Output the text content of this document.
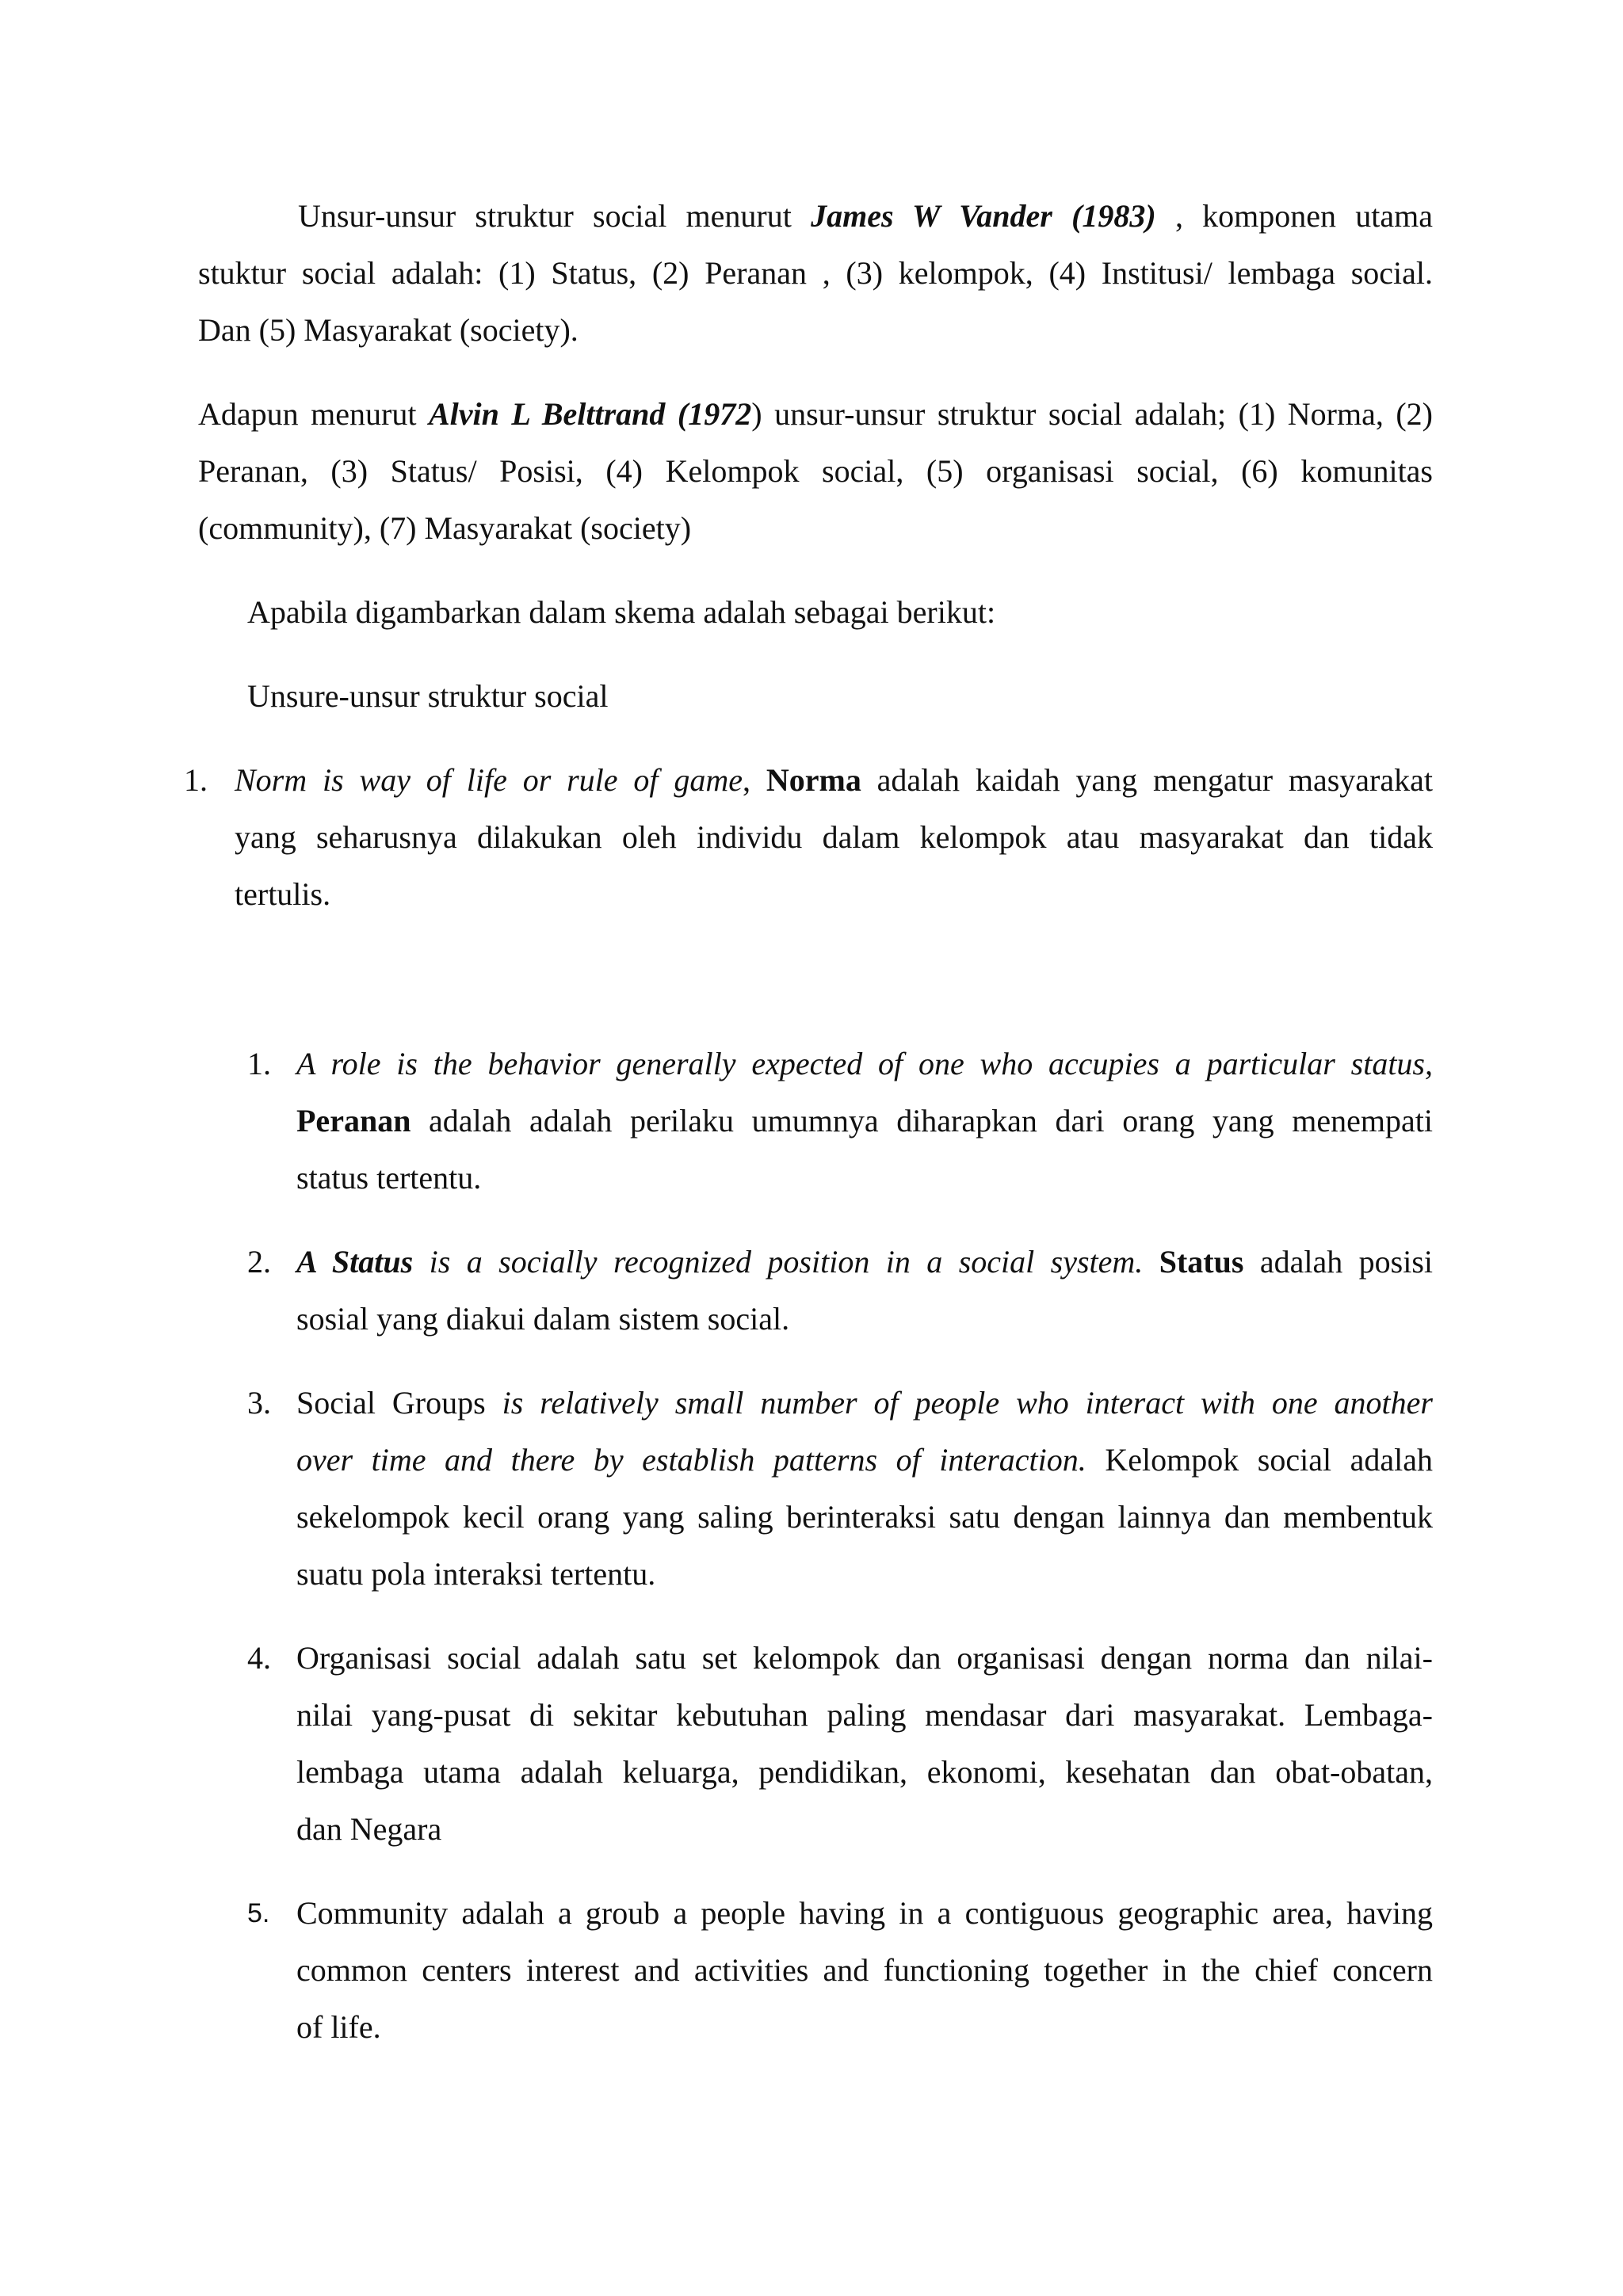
Unsur-unsur struktur social menurut James W Vander (1983) , komponen utama
stuktur social adalah: (1) Status, (2) Peranan , (3) kelompok, (4) Institusi/ lembaga social.
Dan (5) Masyarakat (society).
Adapun menurut Alvin L Belttrand (1972) unsur-unsur struktur social adalah; (1) Norma, (2)
Peranan, (3) Status/ Posisi, (4) Kelompok social, (5) organisasi social, (6) komunitas
(community), (7) Masyarakat (society)
Apabila digambarkan dalam skema adalah sebagai berikut:
Unsure-unsur struktur social
1. Norm is way of life or rule of game, Norma adalah kaidah yang mengatur masyarakat
yang seharusnya dilakukan oleh individu dalam kelompok atau masyarakat dan tidak
tertulis.
1. A role is the behavior generally expected of one who accupies a particular status,
Peranan adalah adalah perilaku umumnya diharapkan dari orang yang menempati
status tertentu.
2. A Status is a socially recognized position in a social system. Status adalah posisi
sosial yang diakui dalam sistem social.
3. Social Groups is relatively small number of people who interact with one another
over time and there by establish patterns of interaction. Kelompok social adalah
sekelompok kecil orang yang saling berinteraksi satu dengan lainnya dan membentuk
suatu pola interaksi tertentu.
4. Organisasi social adalah satu set kelompok dan organisasi dengan norma dan nilai-
nilai yang-pusat di sekitar kebutuhan paling mendasar dari masyarakat. Lembaga-
lembaga utama adalah keluarga, pendidikan, ekonomi, kesehatan dan obat-obatan,
dan Negara
5. Community adalah a groub a people having in a contiguous geographic area, having
common centers interest and activities and functioning together in the chief concern
of life.
